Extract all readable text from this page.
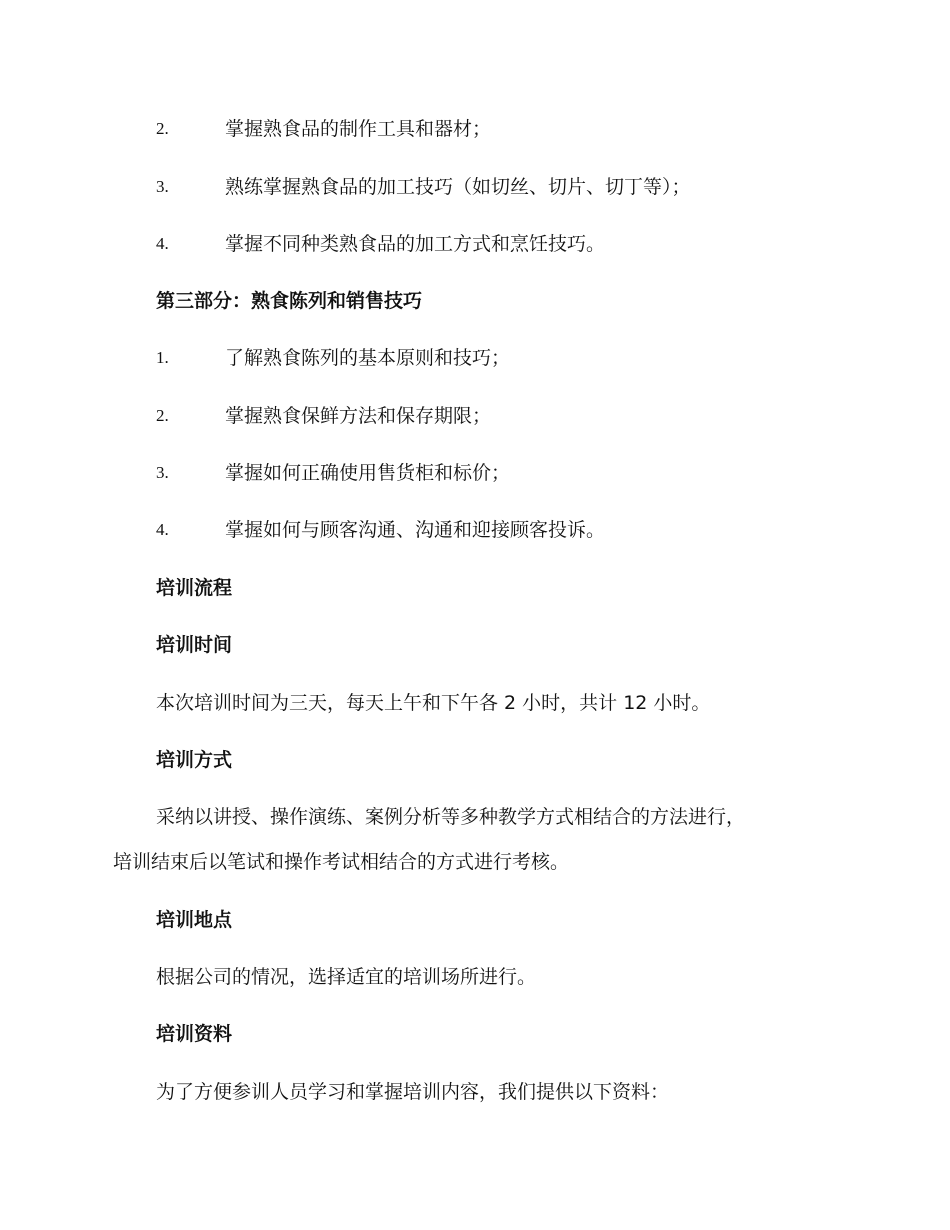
2.	掌握熟食品的制作工具和器材；
3.	熟练掌握熟食品的加工技巧（如切丝、切片、切丁等）；
4.	掌握不同种类熟食品的加工方式和烹饪技巧。
第三部分：熟食陈列和销售技巧
1.	了解熟食陈列的基本原则和技巧；
2.	掌握熟食保鲜方法和保存期限；
3.	掌握如何正确使用售货柜和标价；
4.	掌握如何与顾客沟通、沟通和迎接顾客投诉。
培训流程
培训时间
本次培训时间为三天，每天上午和下午各 2 小时，共计 12 小时。
培训方式
采纳以讲授、操作演练、案例分析等多种教学方式相结合的方法进行，
培训结束后以笔试和操作考试相结合的方式进行考核。
培训地点
根据公司的情况，选择适宜的培训场所进行。
培训资料
为了方便参训人员学习和掌握培训内容，我们提供以下资料：
